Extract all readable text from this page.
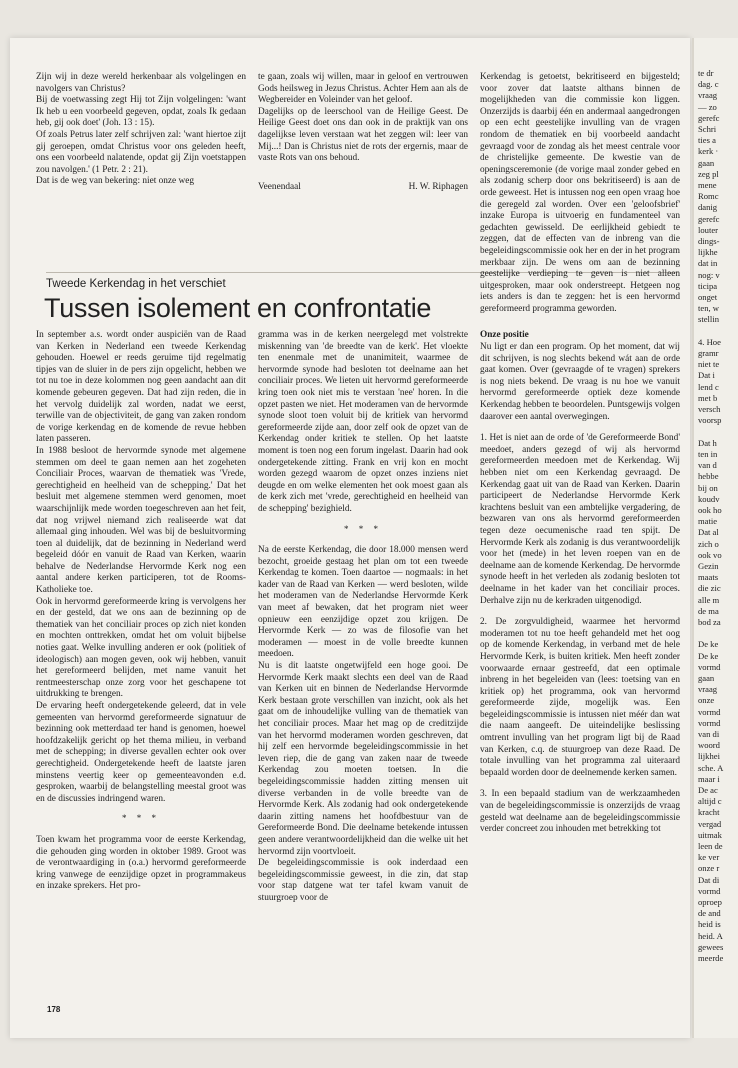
Zijn wij in deze wereld herkenbaar als volgelingen en navolgers van Christus?

Bij de voetwassing zegt Hij tot Zijn volgelingen: 'want Ik heb u een voorbeeld gegeven, opdat, zoals Ik gedaan heb, gij ook doet' (Joh. 13 : 15).

Of zoals Petrus later zelf schrijven zal: 'want hiertoe zijt gij geroepen, omdat Christus voor ons geleden heeft, ons een voorbeeld nalatende, opdat gij Zijn voetstappen zou navolgen.' (1 Petr. 2 : 21).

Dat is de weg van bekering: niet onze weg

te gaan, zoals wij willen, maar in geloof en vertrouwen Gods heilsweg in Jezus Christus. Achter Hem aan als de Wegbereider en Voleinder van het geloof.

Dagelijks op de leerschool van de Heilige Geest. De Heilige Geest doet ons dan ook in de praktijk van ons dagelijkse leven verstaan wat het zeggen wil: leer van Mij...! Dan is Christus niet de rots der ergernis, maar de vaste Rots van ons behoud.

Veenendaal	H. W. Riphagen
Tweede Kerkendag in het verschiet
Tussen isolement en confrontatie

In september a.s. wordt onder auspiciën van de Raad van Kerken in Nederland een tweede Kerkendag gehouden. Hoewel er reeds geruime tijd regelmatig tipjes van de sluier in de pers zijn opgelicht, hebben we tot nu toe in deze kolommen nog geen aandacht aan dit komende gebeuren gegeven. Dat had zijn reden, die in het vervolg duidelijk zal worden, nadat we eerst, terwille van de objectiviteit, de gang van zaken rondom de vorige kerkendag en de komende de revue hebben laten passeren.

In 1988 besloot de hervormde synode met algemene stemmen om deel te gaan nemen aan het zogeheten Conciliair Proces, waarvan de thematiek was 'Vrede, gerechtigheid en heelheid van de schepping.' Dat het besluit met algemene stemmen werd genomen, moet waarschijnlijk mede worden toegeschreven aan het feit, dat nog vrijwel niemand zich realiseerde wat dat allemaal ging inhouden. Wel was bij de besluitvorming toen al duidelijk, dat de bezinning in Nederland werd begeleid dóór en vanuit de Raad van Kerken, waarin behalve de Nederlandse Hervormde Kerk nog een aantal andere kerken participeren, tot de Rooms-Katholieke toe.

Ook in hervormd gereformeerde kring is vervolgens her en der gesteld, dat we ons aan de bezinning op de thematiek van het conciliair proces op zich niet konden en mochten onttrekken, omdat het om voluit bijbelse noties gaat. Welke invulling anderen er ook (politiek of ideologisch) aan mogen geven, ook wij hebben, vanuit het gereformeerd belijden, met name vanuit het rentmeesterschap onze zorg voor het geschapene tot uitdrukking te brengen.

De ervaring heeft ondergetekende geleerd, dat in vele gemeenten van hervormd gereformeerde signatuur de bezinning ook metterdaad ter hand is genomen, hoewel hoofdzakelijk gericht op het thema milieu, in verband met de schepping; in diverse gevallen echter ook over gerechtigheid. Ondergetekende heeft de laatste jaren minstens veertig keer op gemeenteavonden e.d. gesproken, waarbij de belangstelling meestal groot was en de discussies indringend waren.

* * *

Toen kwam het programma voor de eerste Kerkendag, die gehouden ging worden in oktober 1989. Groot was de verontwaardiging in (o.a.) hervormd gereformeerde kring vanwege de eenzijdige opzet in programmakeus en inzake sprekers. Het pro-

gramma was in de kerken neergelegd met volstrekte miskenning van 'de breedte van de kerk'. Het vloekte ten enenmale met de unanimiteit, waarmee de hervormde synode had besloten tot deelname aan het conciliair proces. We lieten uit hervormd gereformeerde kring toen ook niet mis te verstaan 'nee' horen. In die opzet pasten we niet. Het moderamen van de hervormde synode sloot toen voluit bij de kritiek van hervormd gereformeerde zijde aan, door zelf ook de opzet van de Kerkendag onder kritiek te stellen. Op het laatste moment is toen nog een forum ingelast. Daarin had ook ondergetekende zitting. Frank en vrij kon en mocht worden gezegd waarom de opzet onzes inziens niet deugde en om welke elementen het ook moest gaan als de kerk zich met 'vrede, gerechtigheid en heelheid van de schepping' bezighield.

* * *

Na de eerste Kerkendag, die door 18.000 mensen werd bezocht, groeide gestaag het plan om tot een tweede Kerkendag te komen. Toen daartoe — nogmaals: in het kader van de Raad van Kerken — werd besloten, wilde het moderamen van de Nederlandse Hervormde Kerk van meet af bewaken, dat het program niet weer opnieuw een eenzijdige opzet zou krijgen. De Hervormde Kerk — zo was de filosofie van het moderamen — moest in de volle breedte kunnen meedoen.

Nu is dit laatste ongetwijfeld een hoge gooi. De Hervormde Kerk maakt slechts een deel van de Raad van Kerken uit en binnen de Nederlandse Hervormde Kerk bestaan grote verschillen van inzicht, ook als het gaat om de inhoudelijke vulling van de thematiek van het conciliair proces. Maar het mag op de creditzijde van het hervormd moderamen worden geschreven, dat hij zelf een hervormde begeleidingscommissie in het leven riep, die de gang van zaken naar de tweede Kerkendag zou moeten toetsen. In die begeleidingscommissie hadden zitting mensen uit diverse verbanden in de volle breedte van de Hervormde Kerk. Als zodanig had ook ondergetekende daarin zitting namens het hoofdbestuur van de Gereformeerde Bond. Die deelname betekende intussen geen andere verantwoordelijkheid dan die welke uit het hervormd zijn voortvloeit.

De begeleidingscommissie is ook inderdaad een begeleidingscommissie geweest, in die zin, dat stap voor stap datgene wat ter tafel kwam vanuit de stuurgroep voor de

Kerkendag is getoetst, bekritiseerd en bijgesteld; voor zover dat laatste althans binnen de mogelijkheden van die commissie kon liggen. Onzerzijds is daarbij één en andermaal aangedrongen op een echt geestelijke invulling van de vragen rondom de thematiek en bij voorbeeld aandacht gevraagd voor de zondag als het meest centrale voor de christelijke gemeente. De kwestie van de openingsceremonie (de vorige maal zonder gebed en als zodanig scherp door ons bekritiseerd) is aan de orde geweest. Het is intussen nog een open vraag hoe die geregeld zal worden. Over een 'geloofsbrief' inzake Europa is uitvoerig en fundamenteel van gedachten gewisseld. De eerlijkheid gebiedt te zeggen, dat de effecten van de inbreng van die begeleidingscommissie ook her en der in het program merkbaar zijn. De wens om aan de bezinning geestelijke verdieping te geven is niet alleen uitgesproken, maar ook onderstreept. Hetgeen nog iets anders is dan te zeggen: het is een hervormd gereformeerd programma geworden.

Onze positie

Nu ligt er dan een program. Op het moment, dat wij dit schrijven, is nog slechts bekend wát aan de orde gaat komen. Over (gevraagde of te vragen) sprekers is nog niets bekend. De vraag is nu hoe we vanuit hervormd gereformeerde optiek deze komende Kerkendag hebben te beoordelen. Puntsgewijs volgen daarover een aantal overwegingen.

1. Het is niet aan de orde of 'de Gereformeerde Bond' meedoet, anders gezegd of wij als hervormd gereformeerden meedoen met de Kerkendag. Wij hebben niet om een Kerkendag gevraagd. De Kerkendag gaat uit van de Raad van Kerken. Daarin participeert de Nederlandse Hervormde Kerk krachtens besluit van een ambtelijke vergadering, de bezwaren van ons als hervormd gereformeerden tegen deze oecumenische raad ten spijt. De Hervormde Kerk als zodanig is dus verantwoordelijk voor het (mede) in het leven roepen van en de deelname aan de komende Kerkendag. De hervormde synode heeft in het verleden als zodanig besloten tot deelname in het kader van het conciliair proces. Derhalve zijn nu de kerkraden uitgenodigd.

2. De zorgvuldigheid, waarmee het hervormd moderamen tot nu toe heeft gehandeld met het oog op de komende Kerkendag, in verband met de hele Hervormde Kerk, is buiten kritiek. Men heeft zonder voorwaarde ernaar gestreefd, dat een optimale inbreng in het begeleiden van (lees: toetsing van en kritiek op) het programma, ook van hervormd gereformeerde zijde, mogelijk was. Een begeleidingscommissie is intussen niet méér dan wat die naam aangeeft. De uiteindelijke beslissing omtrent invulling van het program ligt bij de Raad van Kerken, c.q. de stuurgroep van deze Raad. De totale invulling van het programma zal uiteraard bepaald worden door de deelnemende kerken samen.

3. In een bepaald stadium van de werkzaamheden van de begeleidingscommissie is onzerzijds de vraag gesteld wat deelname aan de begeleidingscommissie verder concreet zou inhouden met betrekking tot

178
te dr
dag. c
vraag
— zo
gerefc
Schri
ties a
kerk ·
gaan
zeg pl
mene
Romc
danig
gerefc
louter
dings-
lijkhe
dat in
nog: v
ticipa
onget
ten, w
stellin

4. Hoe
gramr
niet te
Dat i
lend c
met b
versch
voorsp

Dat h
ten in
van d
hebbe
bij on
koudv
ook ho
matie
Dat al
zich o
ook vo
Gezin
maats
die zic
alle m
de ma
bod za

De ke
De ke
vormd
gaan
vraag
onze
vormd
vormd
van di
woord
lijkhei
sche. A
maar i
De ac
altijd c
kracht
vergad
uitmak
leen de
ke ver
onze r
Dat di
vormd
oproep
de and
heid is
heid. A
gewees
meerde
